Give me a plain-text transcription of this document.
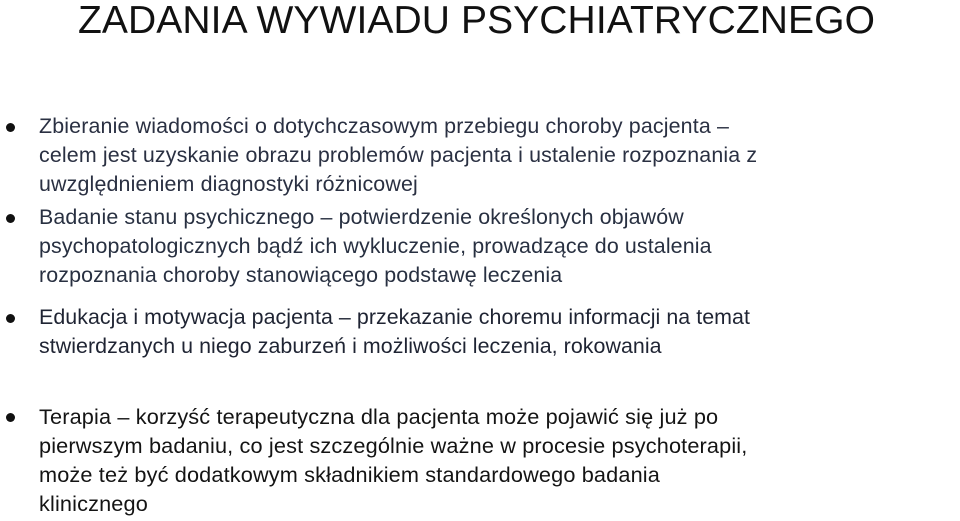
ZADANIA WYWIADU PSYCHIATRYCZNEGO

Zbieranie wiadomości o dotychczasowym przebiegu choroby pacjenta –
celem jest uzyskanie obrazu problemów pacjenta i ustalenie rozpoznania z
uwzględnieniem diagnostyki różnicowej

Badanie stanu psychicznego – potwierdzenie określonych objawów
psychopatologicznych bądź ich wykluczenie, prowadzące do ustalenia
rozpoznania choroby stanowiącego podstawę leczenia

Edukacja i motywacja pacjenta – przekazanie choremu informacji na temat
stwierdzanych u niego zaburzeń i możliwości leczenia, rokowania

Terapia – korzyść terapeutyczna dla pacjenta może pojawić się już po
pierwszym badaniu, co jest szczególnie ważne w procesie psychoterapii,
może też być dodatkowym składnikiem standardowego badania
klinicznego
